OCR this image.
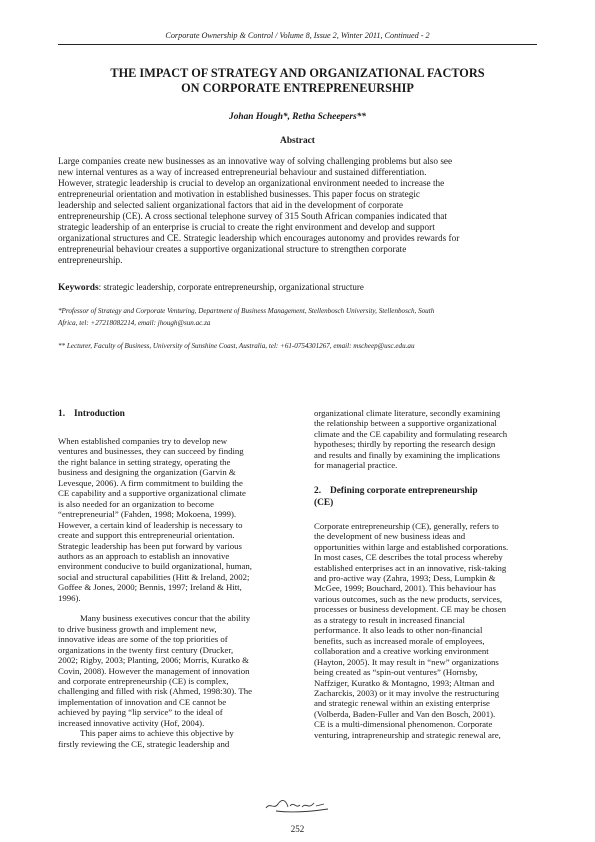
Corporate Ownership & Control / Volume 8, Issue 2, Winter 2011, Continued - 2
THE IMPACT OF STRATEGY AND ORGANIZATIONAL FACTORS
ON CORPORATE ENTREPRENEURSHIP
Johan Hough*, Retha Scheepers**
Abstract
Large companies create new businesses as an innovative way of solving challenging problems but also see
new internal ventures as a way of increased entrepreneurial behaviour and sustained differentiation.
However, strategic leadership is crucial to develop an organizational environment needed to increase the
entrepreneurial orientation and motivation in established businesses. This paper focus on strategic
leadership and selected salient organizational factors that aid in the development of corporate
entrepreneurship (CE). A cross sectional telephone survey of 315 South African companies indicated that
strategic leadership of an enterprise is crucial to create the right environment and develop and support
organizational structures and CE. Strategic leadership which encourages autonomy and provides rewards for
entrepreneurial behaviour creates a supportive organizational structure to strengthen corporate
entrepreneurship.

Keywords: strategic leadership, corporate entrepreneurship, organizational structure

*Professor of Strategy and Corporate Venturing, Department of Business Management, Stellenbosch University, Stellenbosch, South
Africa, tel: +27218082214, email: jhough@sun.ac.za
** Lecturer, Faculty of Business, University of Sunshine Coast, Australia, tel: +61-0754301267, email: mscheep@usc.edu.au
1. Introduction
When established companies try to develop new
ventures and businesses, they can succeed by finding
the right balance in setting strategy, operating the
business and designing the organization (Garvin &
Levesque, 2006). A firm commitment to building the
CE capability and a supportive organizational climate
is also needed for an organization to become
“entrepreneurial” (Fahden, 1998; Mokoena, 1999).
However, a certain kind of leadership is necessary to
create and support this entrepreneurial orientation.
Strategic leadership has been put forward by various
authors as an approach to establish an innovative
environment conducive to build organizational, human,
social and structural capabilities (Hitt & Ireland, 2002;
Goffee & Jones, 2000; Bennis, 1997; Ireland & Hitt,
1996).
Many business executives concur that the ability
to drive business growth and implement new,
innovative ideas are some of the top priorities of
organizations in the twenty first century (Drucker,
2002; Rigby, 2003; Planting, 2006; Morris, Kuratko &
Covin, 2008). However the management of innovation
and corporate entrepreneurship (CE) is complex,
challenging and filled with risk (Ahmed, 1998:30). The
implementation of innovation and CE cannot be
achieved by paying “lip service” to the ideal of
increased innovative activity (Hof, 2004).
This paper aims to achieve this objective by
firstly reviewing the CE, strategic leadership and
organizational climate literature, secondly examining
the relationship between a supportive organizational
climate and the CE capability and formulating research
hypotheses; thirdly by reporting the research design
and results and finally by examining the implications
for managerial practice.
2. Defining corporate entrepreneurship
(CE)
Corporate entrepreneurship (CE), generally, refers to
the development of new business ideas and
opportunities within large and established corporations.
In most cases, CE describes the total process whereby
established enterprises act in an innovative, risk-taking
and pro-active way (Zahra, 1993; Dess, Lumpkin &
McGee, 1999; Bouchard, 2001). This behaviour has
various outcomes, such as the new products, services,
processes or business development. CE may be chosen
as a strategy to result in increased financial
performance. It also leads to other non-financial
benefits, such as increased morale of employees,
collaboration and a creative working environment
(Hayton, 2005). It may result in “new” organizations
being created as “spin-out ventures” (Hornsby,
Naffziger, Kuratko & Montagno, 1993; Altman and
Zacharckis, 2003) or it may involve the restructuring
and strategic renewal within an existing enterprise
(Volberda, Baden-Fuller and Van den Bosch, 2001).
CE is a multi-dimensional phenomenon. Corporate
venturing, intrapreneurship and strategic renewal are,
252
